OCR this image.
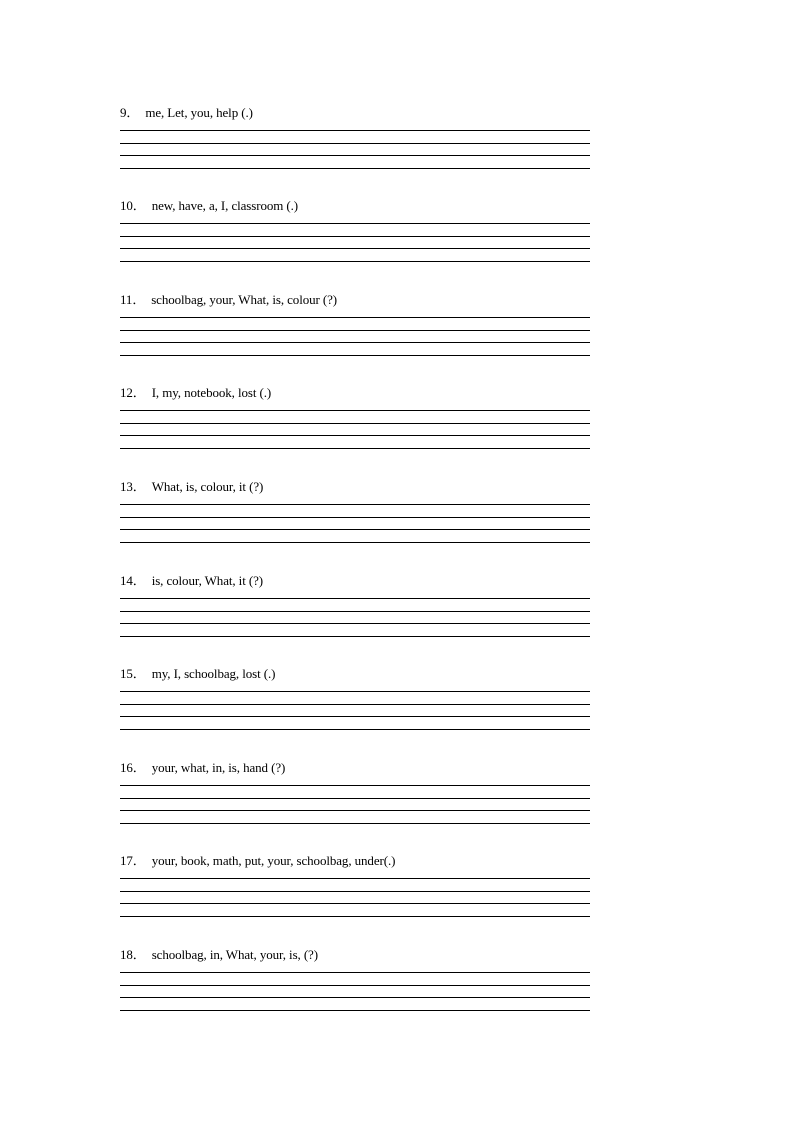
9． me, Let, you, help (.)
10． new, have, a, I, classroom (.)
11． schoolbag, your, What, is, colour (?)
12． I, my, notebook, lost (.)
13． What, is, colour, it (?)
14． is, colour, What, it (?)
15． my, I, schoolbag, lost (.)
16． your, what, in, is, hand (?)
17． your, book, math, put, your, schoolbag, under(.)
18． schoolbag, in, What, your, is, (?)
